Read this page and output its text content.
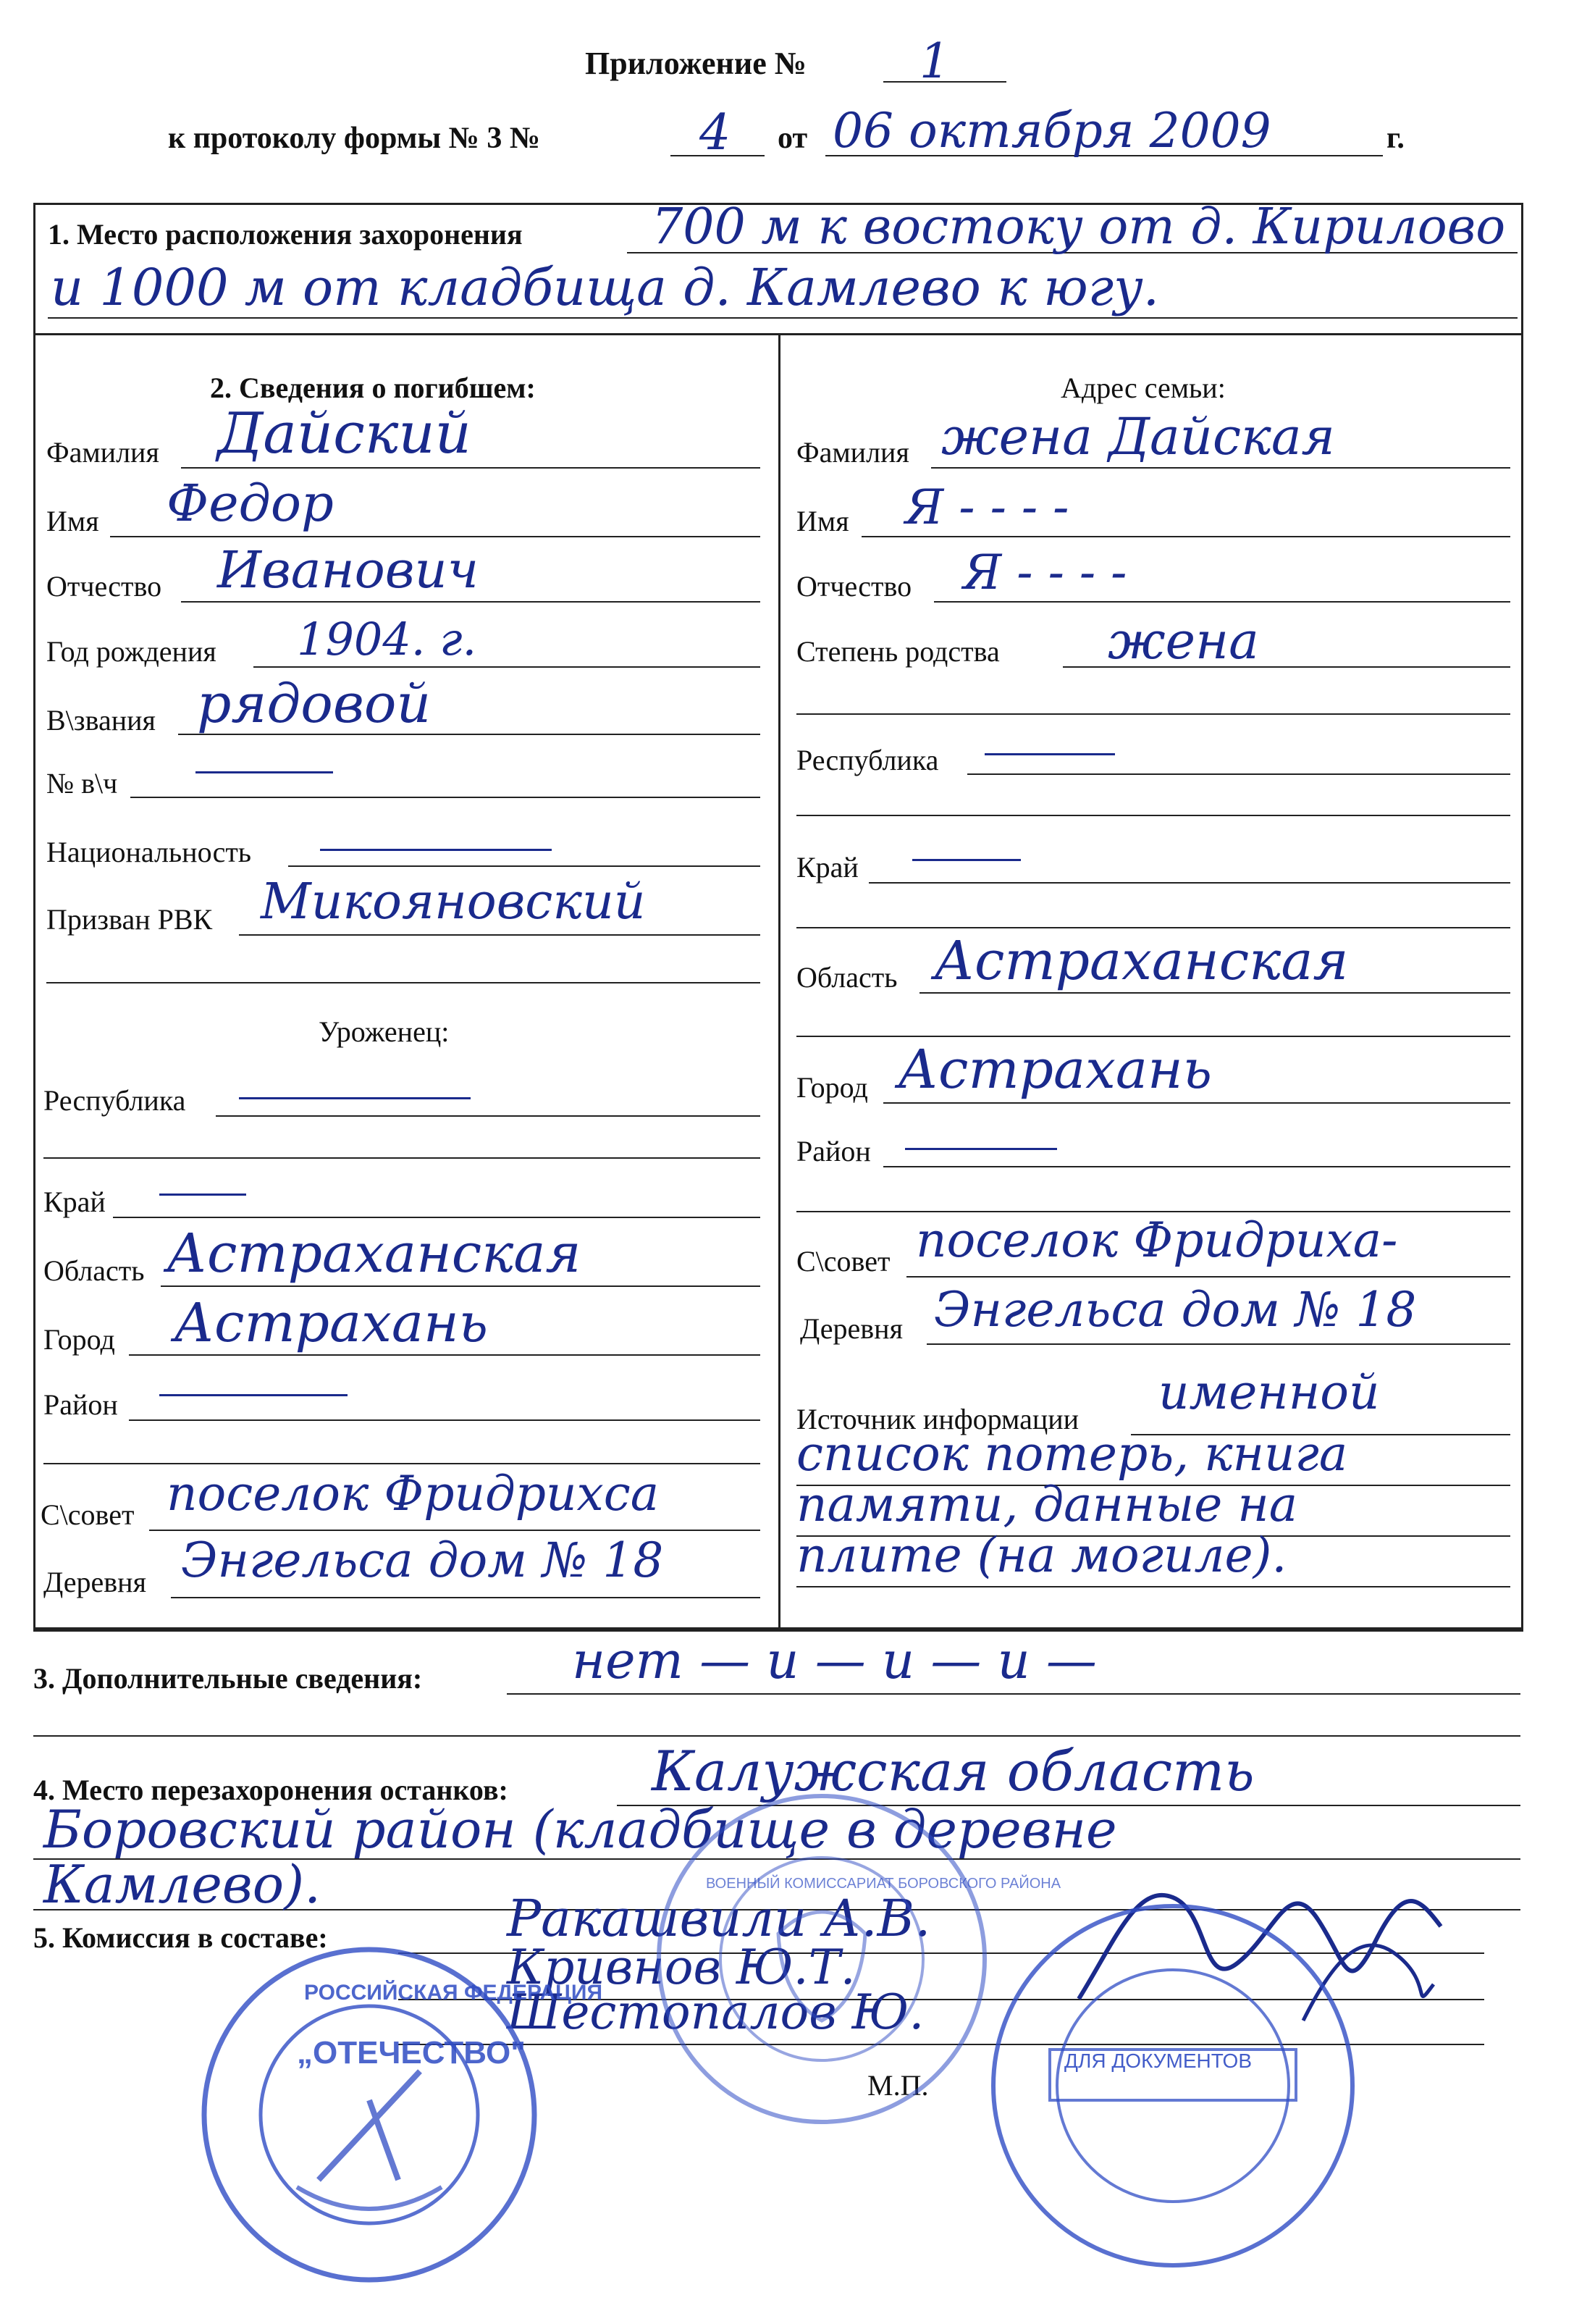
Приложение № 1
к протоколу формы № 3 №	4 от 06 октября 2009	г.
1. Место расположения захоронения	700 м к востоку от д. Кирилово
и 1000 м от кладбища д. Камлево к югу.
2. Сведения о погибшем:
Фамилия Дайский
Имя Федор
Отчество Иванович
Год рождения 1904. г.
В\звания рядовой
№ в\ч
Национальность
Призван РВК Микояновский
Уроженец:
Республика
Край
Область Астраханская
Город Астрахань
Район
С\совет поселок Фридрихса
Деревня Энгельса дом № 18
Адрес семьи:
Фамилия жена Дайская
Имя Я - - - -
Отчество Я - - - -
Степень родства жена
Республика
Край
Область Астраханская
Город Астрахань
Район
С\совет поселок Фридриха-
Деревня Энгельса дом № 18
Источник информации именной
список потерь, книга
памяти, данные на
плите (на могиле).
3. Дополнительные сведения:	нет — и — и — и —
4. Место перезахоронения останков:	Калужская область
Боровский район (кладбище в деревне
Камлево).
5. Комиссия в составе:	Ракашвили А.В.
Кривнов Ю.Т.
Шестопалов Ю.
М.П.
РОССИЙСКАЯ ФЕДЕРАЦИЯ
„ОТЕЧЕСТВО"
ВОЕННЫЙ КОМИССАРИАТ БОРОВСКОГО РАЙОНА
ДЛЯ ДОКУМЕНТОВ
